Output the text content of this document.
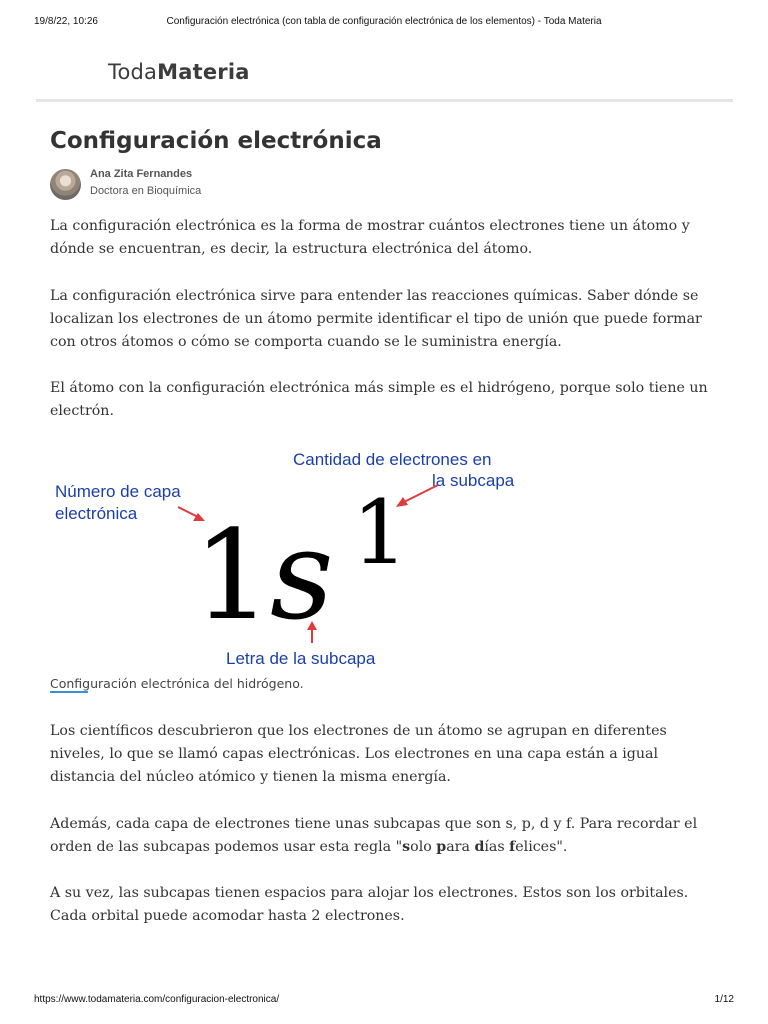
19/8/22, 10:26	Configuración electrónica (con tabla de configuración electrónica de los elementos) - Toda Materia
TodaMateria
Configuración electrónica
Ana Zita Fernandes
Doctora en Bioquímica

La configuración electrónica es la forma de mostrar cuántos electrones tiene un átomo y dónde se encuentran, es decir, la estructura electrónica del átomo.

La configuración electrónica sirve para entender las reacciones químicas. Saber dónde se localizan los electrones de un átomo permite identificar el tipo de unión que puede formar con otros átomos o cómo se comporta cuando se le suministra energía.

El átomo con la configuración electrónica más simple es el hidrógeno, porque solo tiene un electrón.

Cantidad de electrones en
la subcapa
Número de capa
electrónica
Letra de la subcapa
1
s 1
Configuración electrónica del hidrógeno.

Los científicos descubrieron que los electrones de un átomo se agrupan en diferentes niveles, lo que se llamó capas electrónicas. Los electrones en una capa están a igual distancia del núcleo atómico y tienen la misma energía.

Además, cada capa de electrones tiene unas subcapas que son s, p, d y f. Para recordar el orden de las subcapas podemos usar esta regla "solo para días felices".

A su vez, las subcapas tienen espacios para alojar los electrones. Estos son los orbitales. Cada orbital puede acomodar hasta 2 electrones.

https://www.todamateria.com/configuracion-electronica/	1/12
